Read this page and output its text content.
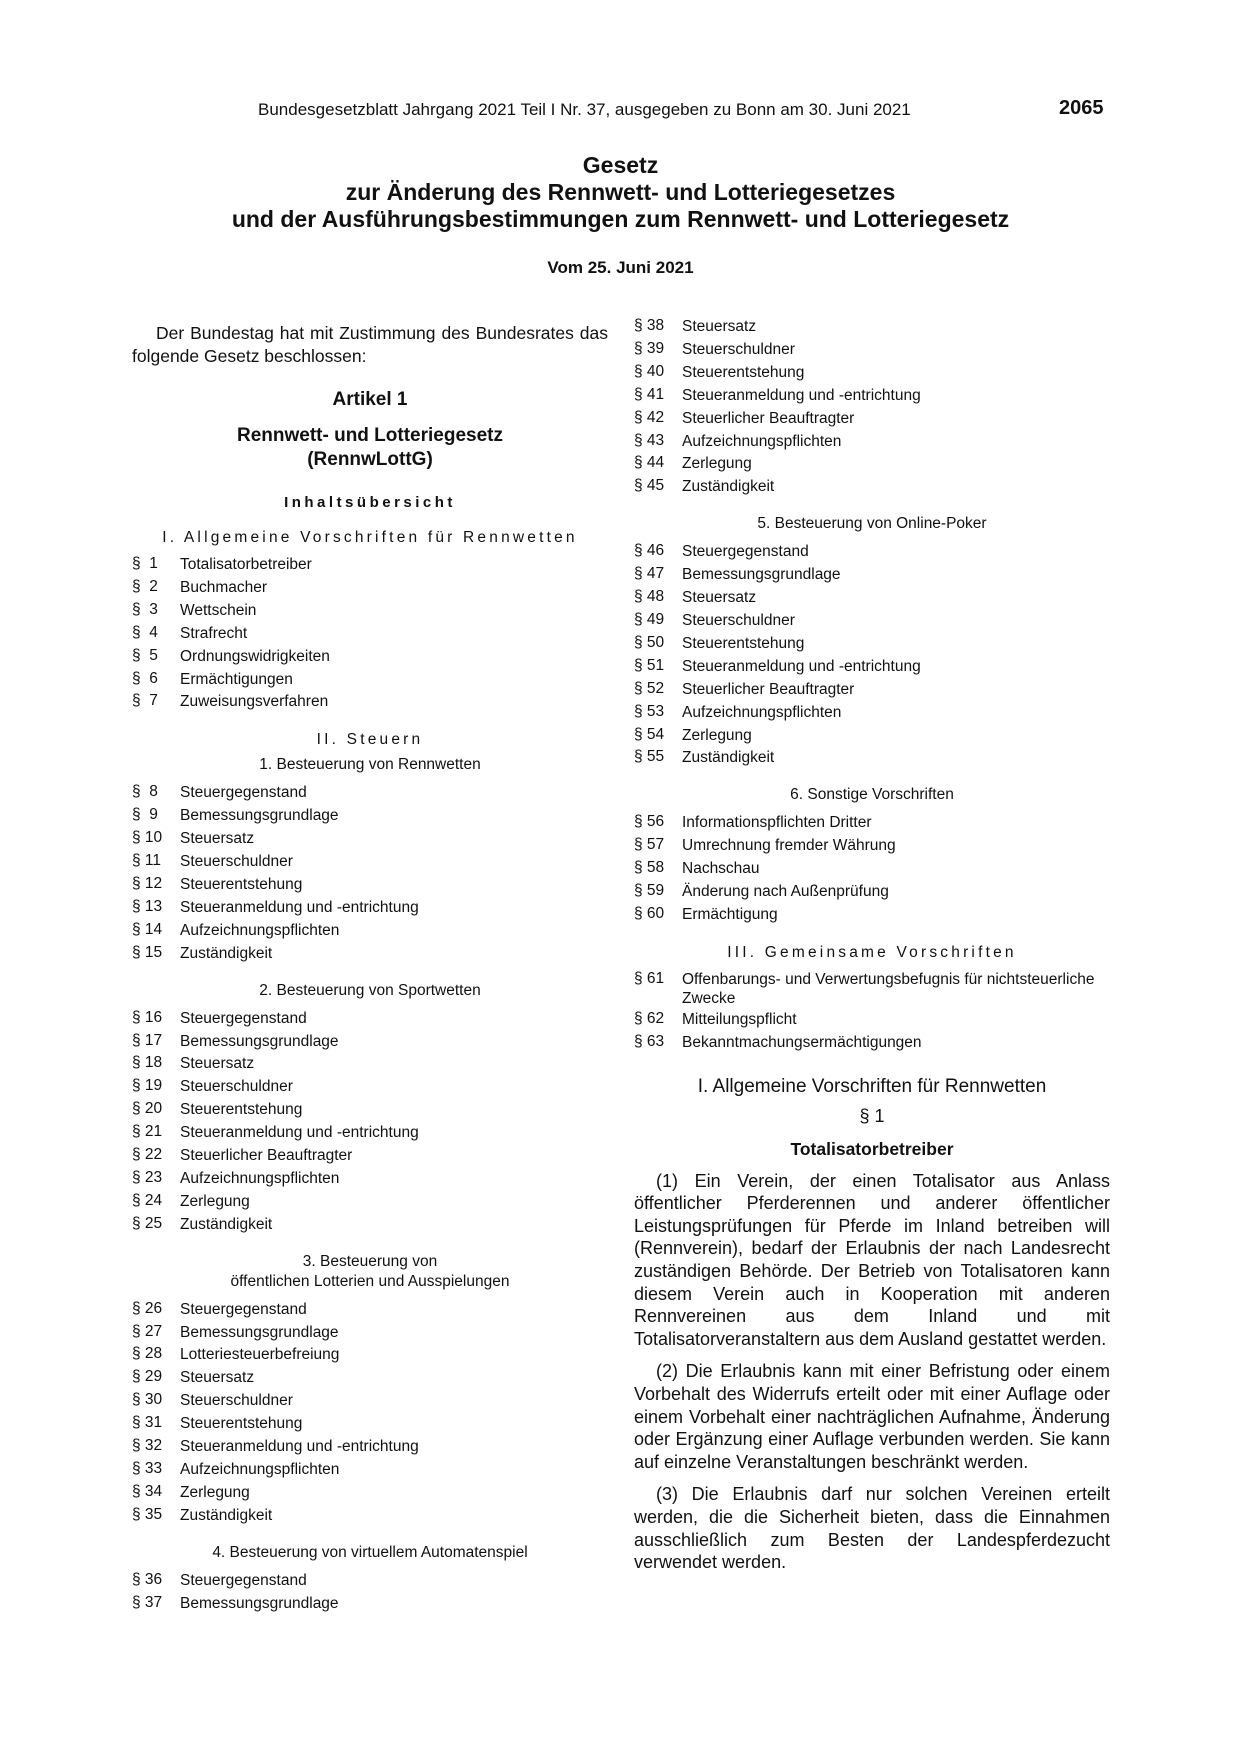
Bundesgesetzblatt Jahrgang 2021 Teil I Nr. 37, ausgegeben zu Bonn am 30. Juni 2021	2065
Gesetz
zur Änderung des Rennwett- und Lotteriegesetzes
und der Ausführungsbestimmungen zum Rennwett- und Lotteriegesetz
Vom 25. Juni 2021

Der Bundestag hat mit Zustimmung des Bundesrates das folgende Gesetz beschlossen:

Artikel 1
Rennwett- und Lotteriegesetz
(RennwLottG)
Inhaltsübersicht
I. Allgemeine Vorschriften für Rennwetten
§  1	Totalisatorbetreiber
§  2	Buchmacher
§  3	Wettschein
§  4	Strafrecht
§  5	Ordnungswidrigkeiten
§  6	Ermächtigungen
§  7	Zuweisungsverfahren
II. Steuern
1. Besteuerung von Rennwetten
§  8	Steuergegenstand
§  9	Bemessungsgrundlage
§ 10	Steuersatz
§ 11	Steuerschuldner
§ 12	Steuerentstehung
§ 13	Steueranmeldung und -entrichtung
§ 14	Aufzeichnungspflichten
§ 15	Zuständigkeit
2. Besteuerung von Sportwetten
§ 16	Steuergegenstand
§ 17	Bemessungsgrundlage
§ 18	Steuersatz
§ 19	Steuerschuldner
§ 20	Steuerentstehung
§ 21	Steueranmeldung und -entrichtung
§ 22	Steuerlicher Beauftragter
§ 23	Aufzeichnungspflichten
§ 24	Zerlegung
§ 25	Zuständigkeit
3. Besteuerung von
öffentlichen Lotterien und Ausspielungen
§ 26	Steuergegenstand
§ 27	Bemessungsgrundlage
§ 28	Lotteriesteuerbefreiung
§ 29	Steuersatz
§ 30	Steuerschuldner
§ 31	Steuerentstehung
§ 32	Steueranmeldung und -entrichtung
§ 33	Aufzeichnungspflichten
§ 34	Zerlegung
§ 35	Zuständigkeit
4. Besteuerung von virtuellem Automatenspiel
§ 36	Steuergegenstand
§ 37	Bemessungsgrundlage
§ 38	Steuersatz
§ 39	Steuerschuldner
§ 40	Steuerentstehung
§ 41	Steueranmeldung und -entrichtung
§ 42	Steuerlicher Beauftragter
§ 43	Aufzeichnungspflichten
§ 44	Zerlegung
§ 45	Zuständigkeit
5. Besteuerung von Online-Poker
§ 46	Steuergegenstand
§ 47	Bemessungsgrundlage
§ 48	Steuersatz
§ 49	Steuerschuldner
§ 50	Steuerentstehung
§ 51	Steueranmeldung und -entrichtung
§ 52	Steuerlicher Beauftragter
§ 53	Aufzeichnungspflichten
§ 54	Zerlegung
§ 55	Zuständigkeit
6. Sonstige Vorschriften
§ 56	Informationspflichten Dritter
§ 57	Umrechnung fremder Währung
§ 58	Nachschau
§ 59	Änderung nach Außenprüfung
§ 60	Ermächtigung
III. Gemeinsame Vorschriften
§ 61	Offenbarungs- und Verwertungsbefugnis für nichtsteuerliche Zwecke
§ 62	Mitteilungspflicht
§ 63	Bekanntmachungsermächtigungen
I. Allgemeine Vorschriften für Rennwetten
§ 1
Totalisatorbetreiber

(1) Ein Verein, der einen Totalisator aus Anlass öffentlicher Pferderennen und anderer öffentlicher Leistungsprüfungen für Pferde im Inland betreiben will (Rennverein), bedarf der Erlaubnis der nach Landesrecht zuständigen Behörde. Der Betrieb von Totalisatoren kann diesem Verein auch in Kooperation mit anderen Rennvereinen aus dem Inland und mit Totalisatorveranstaltern aus dem Ausland gestattet werden.

(2) Die Erlaubnis kann mit einer Befristung oder einem Vorbehalt des Widerrufs erteilt oder mit einer Auflage oder einem Vorbehalt einer nachträglichen Aufnahme, Änderung oder Ergänzung einer Auflage verbunden werden. Sie kann auf einzelne Veranstaltungen beschränkt werden.

(3) Die Erlaubnis darf nur solchen Vereinen erteilt werden, die die Sicherheit bieten, dass die Einnahmen ausschließlich zum Besten der Landespferdezucht verwendet werden.
